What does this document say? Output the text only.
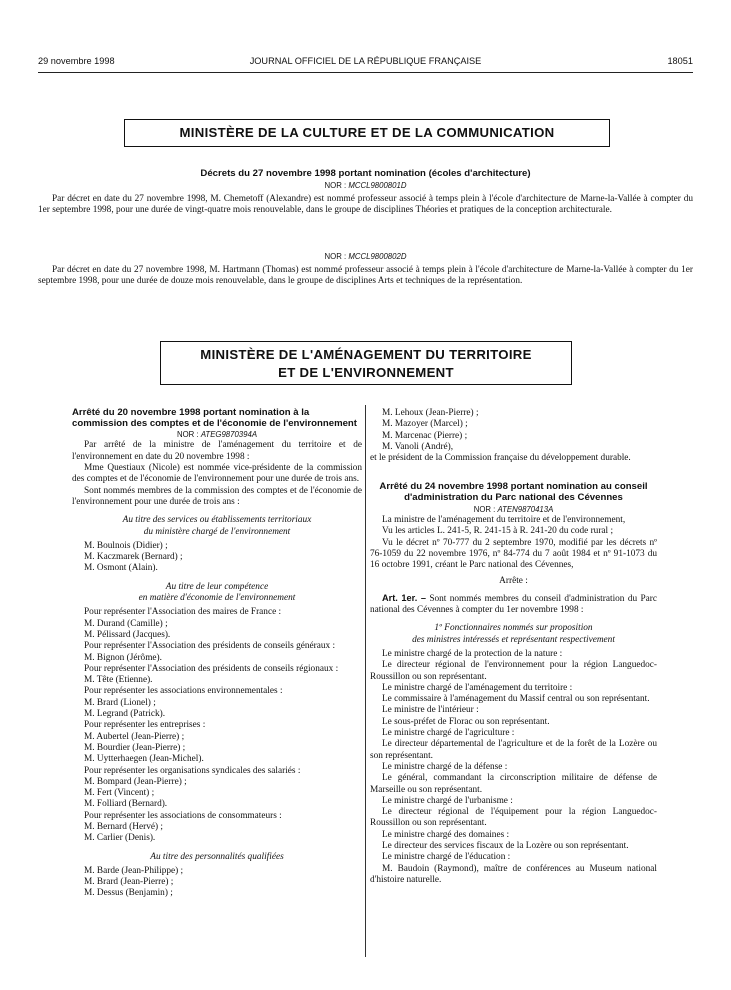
29 novembre 1998	JOURNAL OFFICIEL DE LA RÉPUBLIQUE FRANÇAISE	18051
MINISTÈRE DE LA CULTURE ET DE LA COMMUNICATION
Décrets du 27 novembre 1998 portant nomination (écoles d'architecture)
NOR : MCCL9800801D
Par décret en date du 27 novembre 1998, M. Chemetoff (Alexandre) est nommé professeur associé à temps plein à l'école d'architecture de Marne-la-Vallée à compter du 1er septembre 1998, pour une durée de vingt-quatre mois renouvelable, dans le groupe de disciplines Théories et pratiques de la conception architecturale.
NOR : MCCL9800802D
Par décret en date du 27 novembre 1998, M. Hartmann (Thomas) est nommé professeur associé à temps plein à l'école d'architecture de Marne-la-Vallée à compter du 1er septembre 1998, pour une durée de douze mois renouvelable, dans le groupe de disciplines Arts et techniques de la représentation.
MINISTÈRE DE L'AMÉNAGEMENT DU TERRITOIRE
ET DE L'ENVIRONNEMENT

Arrêté du 20 novembre 1998 portant nomination à la commission des comptes et de l'économie de l'environnement

NOR : ATEG9870394A

Par arrêté de la ministre de l'aménagement du territoire et de l'environnement en date du 20 novembre 1998 :

Mme Questiaux (Nicole) est nommée vice-présidente de la commission des comptes et de l'économie de l'environnement pour une durée de trois ans.

Sont nommés membres de la commission des comptes et de l'économie de l'environnement pour une durée de trois ans :

Au titre des services ou établissements territoriaux
du ministère chargé de l'environnement

M. Boulnois (Didier) ;

M. Kaczmarek (Bernard) ;

M. Osmont (Alain).

Au titre de leur compétence
en matière d'économie de l'environnement

Pour représenter l'Association des maires de France :

M. Durand (Camille) ;

M. Pélissard (Jacques).

Pour représenter l'Association des présidents de conseils généraux :

M. Bignon (Jérôme).

Pour représenter l'Association des présidents de conseils régionaux :

M. Tête (Etienne).

Pour représenter les associations environnementales :

M. Brard (Lionel) ;

M. Legrand (Patrick).

Pour représenter les entreprises :

M. Aubertel (Jean-Pierre) ;

M. Bourdier (Jean-Pierre) ;

M. Uytterhaegen (Jean-Michel).

Pour représenter les organisations syndicales des salariés :

M. Bompard (Jean-Pierre) ;

M. Fert (Vincent) ;

M. Folliard (Bernard).

Pour représenter les associations de consommateurs :

M. Bernard (Hervé) ;

M. Carlier (Denis).

Au titre des personnalités qualifiées

M. Barde (Jean-Philippe) ;

M. Brard (Jean-Pierre) ;

M. Dessus (Benjamin) ;

M. Lehoux (Jean-Pierre) ;

M. Mazoyer (Marcel) ;

M. Marcenac (Pierre) ;

M. Vanoli (André),

et le président de la Commission française du développement durable.

Arrêté du 24 novembre 1998 portant nomination au conseil d'administration du Parc national des Cévennes

NOR : ATEN9870413A

La ministre de l'aménagement du territoire et de l'environnement,

Vu les articles L. 241-5, R. 241-15 à R. 241-20 du code rural ;

Vu le décret nº 70-777 du 2 septembre 1970, modifié par les décrets nº 76-1059 du 22 novembre 1976, nº 84-774 du 7 août 1984 et nº 91-1073 du 16 octobre 1991, créant le Parc national des Cévennes,

Arrête :

Art. 1er. – Sont nommés membres du conseil d'administration du Parc national des Cévennes à compter du 1er novembre 1998 :

1º Fonctionnaires nommés sur proposition
des ministres intéressés et représentant respectivement

Le ministre chargé de la protection de la nature :

Le directeur régional de l'environnement pour la région Languedoc-Roussillon ou son représentant.

Le ministre chargé de l'aménagement du territoire :

Le commissaire à l'aménagement du Massif central ou son représentant.

Le ministre de l'intérieur :

Le sous-préfet de Florac ou son représentant.

Le ministre chargé de l'agriculture :

Le directeur départemental de l'agriculture et de la forêt de la Lozère ou son représentant.

Le ministre chargé de la défense :

Le général, commandant la circonscription militaire de défense de Marseille ou son représentant.

Le ministre chargé de l'urbanisme :

Le directeur régional de l'équipement pour la région Languedoc-Roussillon ou son représentant.

Le ministre chargé des domaines :

Le directeur des services fiscaux de la Lozère ou son représentant.

Le ministre chargé de l'éducation :

M. Baudoin (Raymond), maître de conférences au Museum national d'histoire naturelle.
